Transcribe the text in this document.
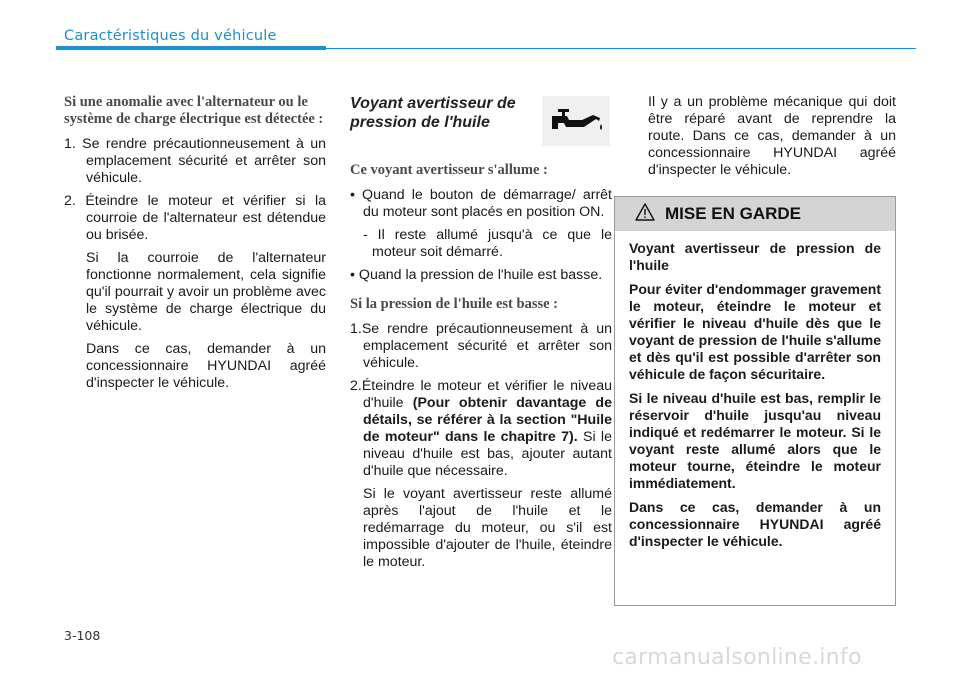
Caractéristiques du véhicule
Si une anomalie avec l'alternateur ou le système de charge électrique est détectée :

1. Se rendre précautionneusement à un emplacement sécurité et arrêter son véhicule.

2. Éteindre le moteur et vérifier si la courroie de l'alternateur est détendue ou brisée.

Si la courroie de l'alternateur fonctionne normalement, cela signifie qu'il pourrait y avoir un problème avec le système de charge électrique du véhicule.

Dans ce cas, demander à un concessionnaire HYUNDAI agréé d'inspecter le véhicule.

Voyant avertisseur de pression de l'huile
Ce voyant avertisseur s'allume :

• Quand le bouton de démarrage/ arrêt du moteur sont placés en position ON.

- Il reste allumé jusqu'à ce que le moteur soit démarré.

• Quand la pression de l'huile est basse.

Si la pression de l'huile est basse :

1.Se rendre précautionneusement à un emplacement sécurité et arrêter son véhicule.

2.Éteindre le moteur et vérifier le niveau d'huile (Pour obtenir davantage de détails, se référer à la section "Huile de moteur" dans le chapitre 7). Si le niveau d'huile est bas, ajouter autant d'huile que nécessaire.

Si le voyant avertisseur reste allumé après l'ajout de l'huile et le redémarrage du moteur, ou s'il est impossible d'ajouter de l'huile, éteindre le moteur.

Il y a un problème mécanique qui doit être réparé avant de reprendre la route. Dans ce cas, demander à un concessionnaire HYUNDAI agréé d'inspecter le véhicule.

MISE EN GARDE

Voyant avertisseur de pression de l'huile

Pour éviter d'endommager gravement le moteur, éteindre le moteur et vérifier le niveau d'huile dès que le voyant de pression de l'huile s'allume et dès qu'il est possible d'arrêter son véhicule de façon sécuritaire.

Si le niveau d'huile est bas, remplir le réservoir d'huile jusqu'au niveau indiqué et redémarrer le moteur. Si le voyant reste allumé alors que le moteur tourne, éteindre le moteur immédiatement.

Dans ce cas, demander à un concessionnaire HYUNDAI agréé d'inspecter le véhicule.

3-108
carmanualsonline.info
